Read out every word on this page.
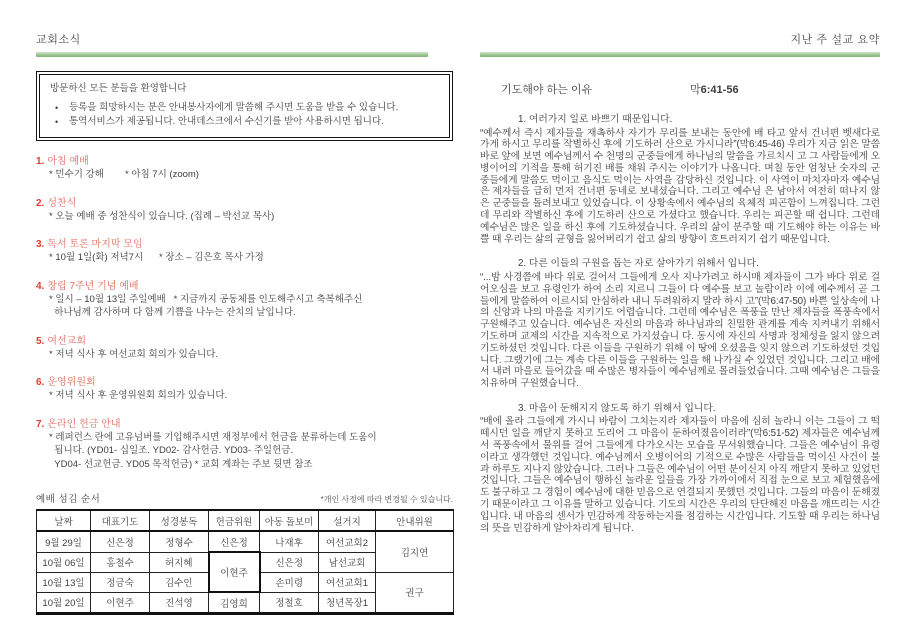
교회소식
방문하신 모든 분들을 환영합니다
•	등록을 희망하시는 분은 안내봉사자에게 말씀해 주시면 도움을 받을 수 있습니다.
•	통역서비스가 제공됩니다. 안내데스크에서 수신기를 받아 사용하시면 됩니다.
1. 아침 예배
* 민수기 강해        * 아침 7시 (zoom)
2. 성찬식
* 오늘 예배 중 성찬식이 있습니다. (집례 – 박선교 목사)
3. 독서 토론 마지막 모임
* 10월 1일(화) 저녁7시      * 장소 – 김은호 목사 가정
4. 창립 7주년 기념 예배
* 일시 – 10월 13일 주일예배   * 지금까지 공동체를 인도해주시고 축복해주신
하나님께 감사하며 다 함께 기쁨을 나누는 잔치의 날입니다.
5. 여선교회
* 저녁 식사 후 여선교회 회의가 있습니다.
6. 운영위원회
* 저녁 식사 후 운영위원회 회의가 있습니다.
7. 온라인 헌금 안내
* 레퍼런스 란에 고유넘버를 기입해주시면 재정부에서 헌금을 분류하는데 도움이
됩니다. (YD01- 십일조. YD02- 감사헌금. YD03- 주일헌금.
YD04- 선교헌금. YD05 목적헌금) * 교회 계좌는 주보 뒷면 참조
예배 섬김 순서	*개인 사정에 따라 변경될 수 있습니다.
날짜	대표기도	성경봉독	헌금위원	아동 돌보미	설거지	안내위원
9월 29일	신은정	정형수	신은정	나재후	여선교회2	김지연
10월 06일	홍철수	허지혜	이현주	신은정	남선교회	
10월 13일	정금숙	김수인		손미령	여선교회1	권구
10월 20일	이현주	진석영	김영희	정철호	청년목장1	
지난 주 설교 요약
기도해야 하는 이유	막6:41-56
1. 여러가지 일로 바쁘기 때문입니다.
“예수께서 즉시 제자들을 재촉하사 자기가 무리를 보내는 동안에 배 타고 앞서 건너편 벳새다로 가게 하시고 무리를 작별하신 후에 기도하러 산으로 가시니라”(막6:45-46) 우리가 지금 읽은 말씀 바로 앞에 보면 예수님께서 수 천명의 군중들에게 하나님의 말씀을 가르치시 고 그 사람들에게 오병이어의 기적을 통해 허기진 배를 채워 주시는 이야기가 나옵니다. 며칠 동안 엄청난 숫자의 군중들에게 말씀도 먹이고 음식도 먹이는 사역을 감당하신 것입니다. 이 사역이 마치자마자 예수님은 제자들을 급히 먼저 건너편 동네로 보내셨습니다. 그리고 예수님 은 남아서 여전히 떠나지 않은 군중들을 돌려보내고 있었습니다. 이 상황속에서 예수님의 육체적 피곤함이 느껴집니다. 그런데 무리와 작별하신 후에 기도하러 산으로 가셨다고 했습니다. 우리는 피곤할 때 쉽니다. 그런데 예수님은 많은 일을 하신 후에 기도하셨습니다. 우리의 삶이 분주할 때 기도해야 하는 이유는 바쁠 때 우리는 삶의 균형을 잃어버리기 쉽고 삶의 방향이 흐트러지기 쉽기 때문입니다.
2. 다른 이들의 구원을 돕는 자로 살아가기 위해서 입니다.
“...밤 사경쯤에 바다 위로 걸어서 그들에게 오사 지나가려고 하시매 제자들이 그가 바다 위로 걸어오심을 보고 유령인가 하여 소리 지르니 그들이 다 예수를 보고 놀람이라 이에 예수께서 곧 그들에게 말씀하여 이르시되 안심하라 내니 두려워하지 말라 하시 고”(막6:47-50) 바쁜 일상속에 나의 신앙과 나의 마음을 지키기도 어렵습니다. 그런데 예수님은 폭풍을 만난 제자들을 폭풍속에서 구원해주고 있습니다. 예수님은 자신의 마음과 하나님과의 친밀한 관계를 계속 지켜내기 위해서 기도하며 교제의 시간을 지속적으로 가지셨습니 다. 동시에 자신의 사명과 정체성을 잃지 않으려 기도하셨던 것입니다. 다른 이들을 구원하기 위해 이 땅에 오셨음을 잊지 않으려 기도하셨던 것입니다. 그랬기에 그는 계속 다른 이들을 구원하는 일을 해 나가실 수 있었던 것입니다. 그리고 배에서 내려 마을로 들어갔을 때 수많은 병자들이 예수님께로 몰려들었습니다. 그때 예수님은 그들을 치유하며 구원했습니다.
3. 마음이 둔해지지 않도록 하기 위해서 입니다.
“배에 올라 그들에게 가시니 바람이 그치는지라 제자들이 마음에 심히 놀라니 이는 그들이 그 떡 떼시던 일을 깨닫지 못하고 도리어 그 마음이 둔하여졌음이러라”(막6:51-52) 제자들은 예수님께서 폭풍속에서 물위를 걸어 그들에게 다가오시는 모습을 무서워했습니다. 그들은 예수님이 유령이라고 생각했던 것입니다. 예수님께서 오병이어의 기적으로 수많은 사람들을 먹이신 사건이 불과 하루도 지나지 않았습니다. 그러나 그들은 예수님이 어떤 분이신지 아직 깨닫지 못하고 있었던 것입니다. 그들은 예수님이 행하신 놀라운 일들을 가장 가까이에서 직접 눈으로 보고 체험했음에도 불구하고 그 경험이 예수님에 대한 믿음으로 연결되지 못했던 것입니다. 그들의 마음이 둔해졌기 때문이라고 그 이유를 말하고 있습니다. 기도의 시간은 우리의 단단해진 마음을 깨뜨리는 시간입니다. 내 마음의 센서가 민감하게 작동하는지를 점검하는 시간입니다. 기도할 때 우리는 하나님의 뜻을 민감하게 알아차리게 됩니다.
